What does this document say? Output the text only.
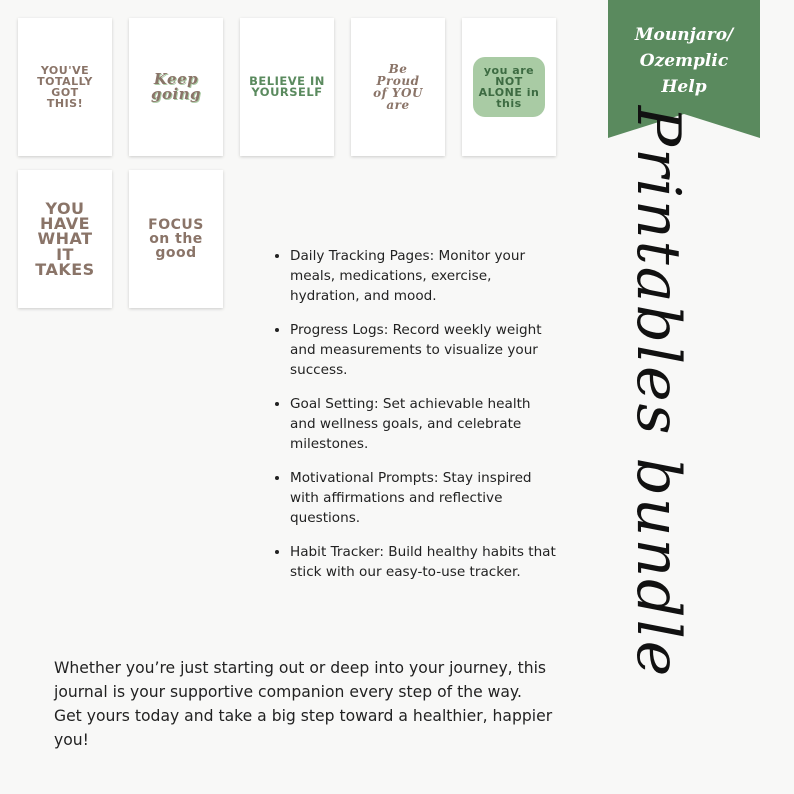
YOU'VE TOTALLY GOT THIS!
Keep going
BELIEVE IN YOURSELF
Be Proud of YOU are
you are NOT ALONE in this
YOU HAVE WHAT IT TAKES
FOCUS on the good
Mounjaro/
Ozemplic
Help
Printables bundle
• Daily Tracking Pages: Monitor your meals, medications, exercise, hydration, and mood.
• Progress Logs: Record weekly weight and measurements to visualize your success.
• Goal Setting: Set achievable health and wellness goals, and celebrate milestones.
• Motivational Prompts: Stay inspired with affirmations and reflective questions.
• Habit Tracker: Build healthy habits that stick with our easy-to-use tracker.

Whether you’re just starting out or deep into your journey, this journal is your supportive companion every step of the way. Get yours today and take a big step toward a healthier, happier you!
